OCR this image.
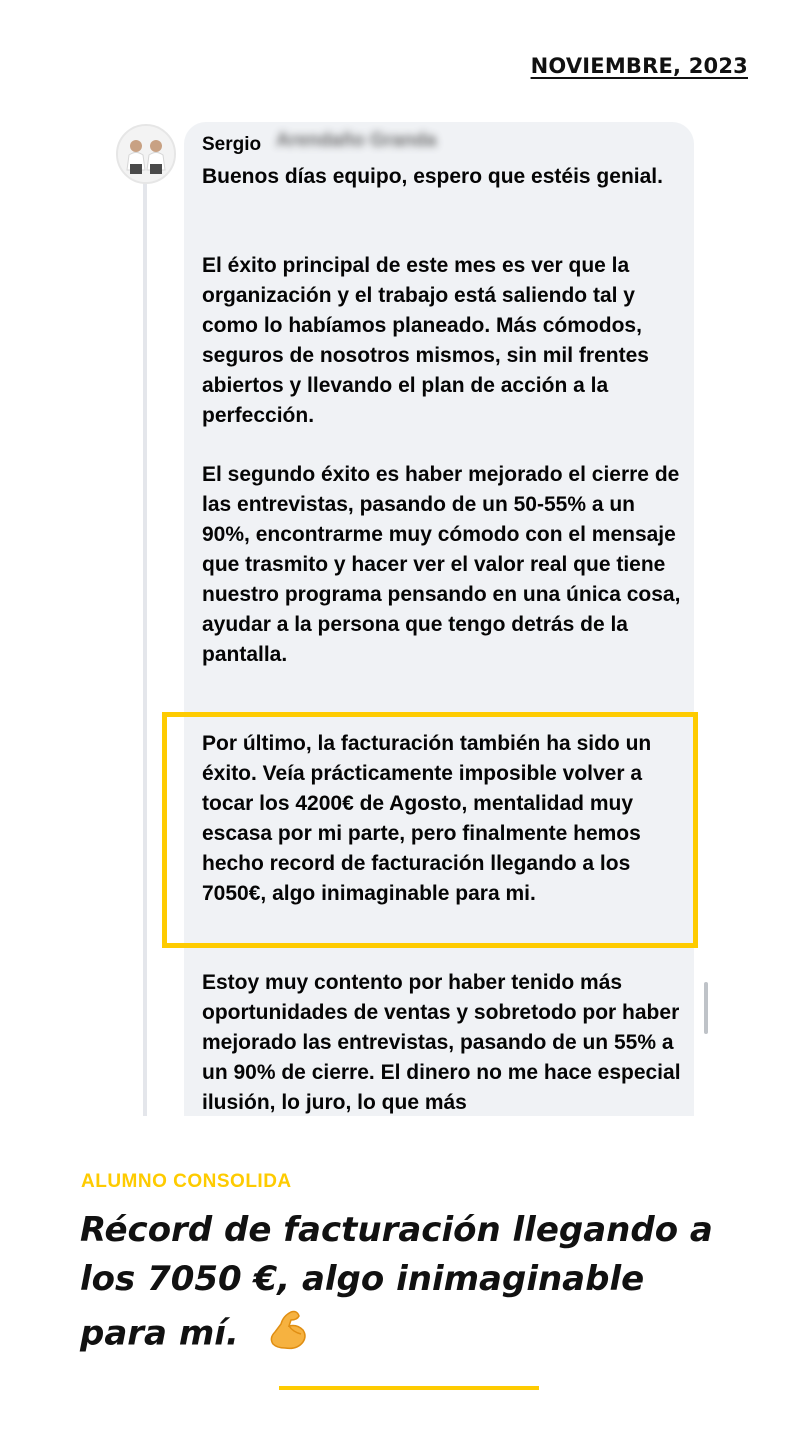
NOVIEMBRE, 2023
Sergio Arendaño Granda

Buenos días equipo, espero que estéis genial.

El éxito principal de este mes es ver que la organización y el trabajo está saliendo tal y como lo habíamos planeado. Más cómodos, seguros de nosotros mismos, sin mil frentes abiertos y llevando el plan de acción a la perfección.

El segundo éxito es haber mejorado el cierre de las entrevistas, pasando de un 50-55% a un 90%, encontrarme muy cómodo con el mensaje que trasmito y hacer ver el valor real que tiene nuestro programa pensando en una única cosa, ayudar a la persona que tengo detrás de la pantalla.

Por último, la facturación también ha sido un éxito. Veía prácticamente imposible volver a tocar los 4200€ de Agosto, mentalidad muy escasa por mi parte, pero finalmente hemos hecho record de facturación llegando a los 7050€, algo inimaginable para mi.

Estoy muy contento por haber tenido más oportunidades de ventas y sobretodo por haber mejorado las entrevistas, pasando de un 55% a un 90% de cierre. El dinero no me hace especial ilusión, lo juro, lo que más

ALUMNO CONSOLIDA

Récord de facturación llegando a los 7050 €, algo inimaginable para mí.
